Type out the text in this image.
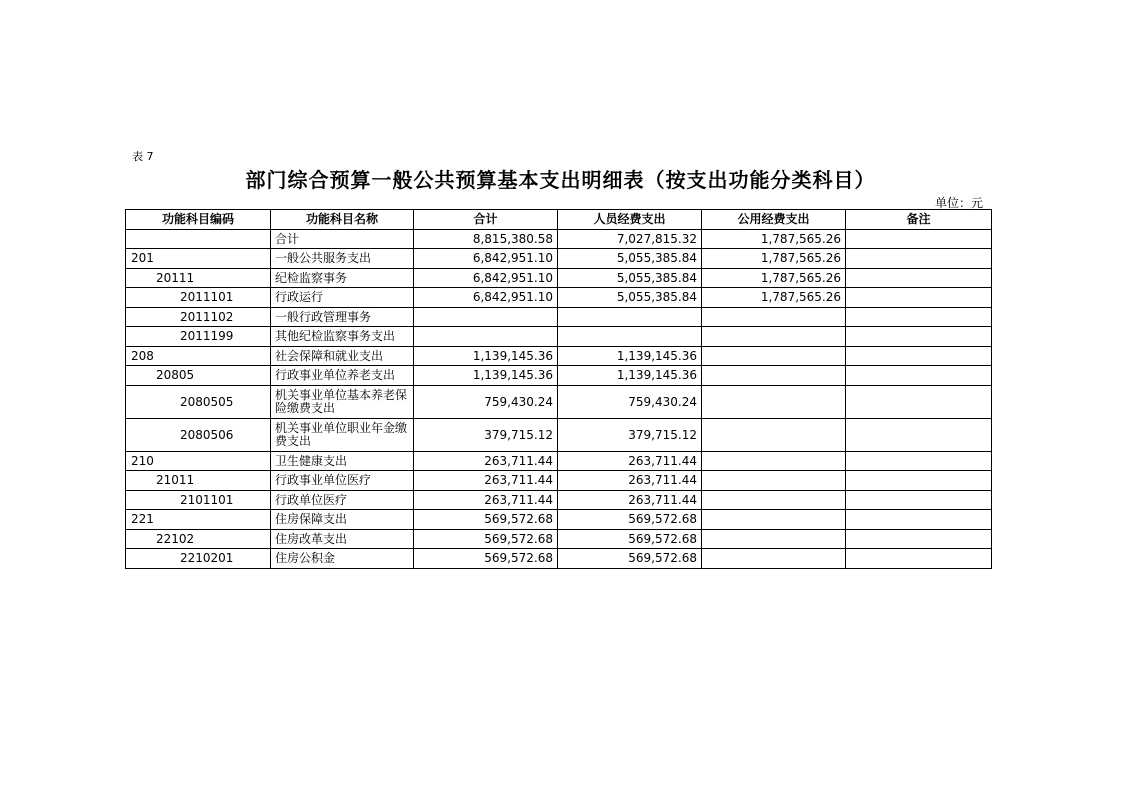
表 7
部门综合预算一般公共预算基本支出明细表（按支出功能分类科目）
单位：元
功能科目编码	功能科目名称	合计	人员经费支出	公用经费支出	备注
	合计	8,815,380.58	7,027,815.32	1,787,565.26	
201	一般公共服务支出	6,842,951.10	5,055,385.84	1,787,565.26	
20111	纪检监察事务	6,842,951.10	5,055,385.84	1,787,565.26	
2011101	行政运行	6,842,951.10	5,055,385.84	1,787,565.26	
2011102	一般行政管理事务				
2011199	其他纪检监察事务支出				
208	社会保障和就业支出	1,139,145.36	1,139,145.36		
20805	行政事业单位养老支出	1,139,145.36	1,139,145.36		
2080505	机关事业单位基本养老保险缴费支出	759,430.24	759,430.24		
2080506	机关事业单位职业年金缴费支出	379,715.12	379,715.12		
210	卫生健康支出	263,711.44	263,711.44		
21011	行政事业单位医疗	263,711.44	263,711.44		
2101101	行政单位医疗	263,711.44	263,711.44		
221	住房保障支出	569,572.68	569,572.68		
22102	住房改革支出	569,572.68	569,572.68		
2210201	住房公积金	569,572.68	569,572.68		
